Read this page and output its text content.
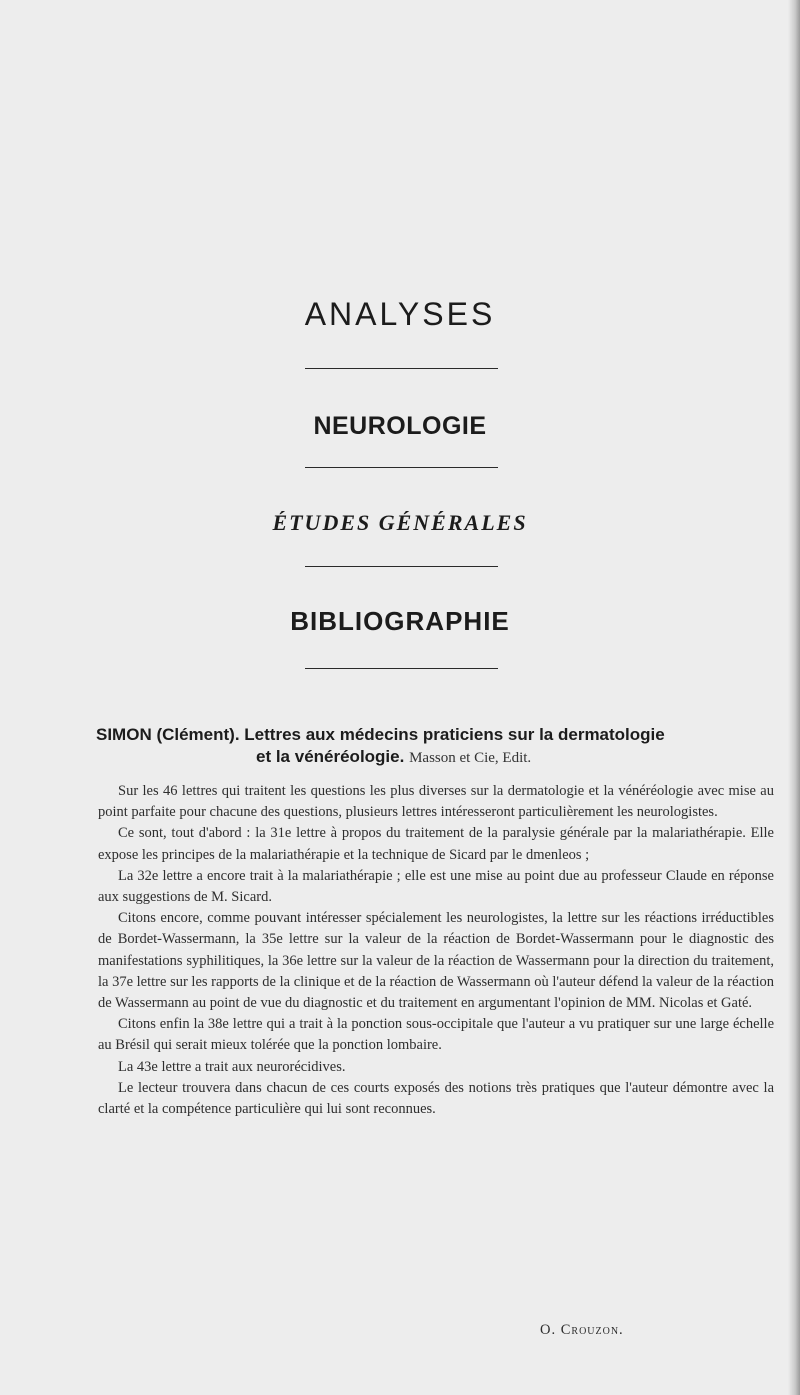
ANALYSES
NEUROLOGIE
ÉTUDES GÉNÉRALES
BIBLIOGRAPHIE
SIMON (Clément). Lettres aux médecins praticiens sur la dermatologie
et la vénéréologie. Masson et Cie, Edit.

Sur les 46 lettres qui traitent les questions les plus diverses sur la dermatologie et la vénéréologie avec mise au point parfaite pour chacune des questions, plusieurs lettres intéresseront particulièrement les neurologistes.

Ce sont, tout d'abord : la 31e lettre à propos du traitement de la paralysie générale par la malariathérapie. Elle expose les principes de la malariathérapie et la technique de Sicard par le dmenleos ;

La 32e lettre a encore trait à la malariathérapie ; elle est une mise au point due au professeur Claude en réponse aux suggestions de M. Sicard.

Citons encore, comme pouvant intéresser spécialement les neurologistes, la lettre sur les réactions irréductibles de Bordet-Wassermann, la 35e lettre sur la valeur de la réaction de Bordet-Wassermann pour le diagnostic des manifestations syphilitiques, la 36e lettre sur la valeur de la réaction de Wassermann pour la direction du traitement, la 37e lettre sur les rapports de la clinique et de la réaction de Wassermann où l'auteur défend la valeur de la réaction de Wassermann au point de vue du diagnostic et du traitement en argumentant l'opinion de MM. Nicolas et Gaté.

Citons enfin la 38e lettre qui a trait à la ponction sous-occipitale que l'auteur a vu pratiquer sur une large échelle au Brésil qui serait mieux tolérée que la ponction lombaire.

La 43e lettre a trait aux neurorécidives.

Le lecteur trouvera dans chacun de ces courts exposés des notions très pratiques que l'auteur démontre avec la clarté et la compétence particulière qui lui sont reconnues.

O. Crouzon.
